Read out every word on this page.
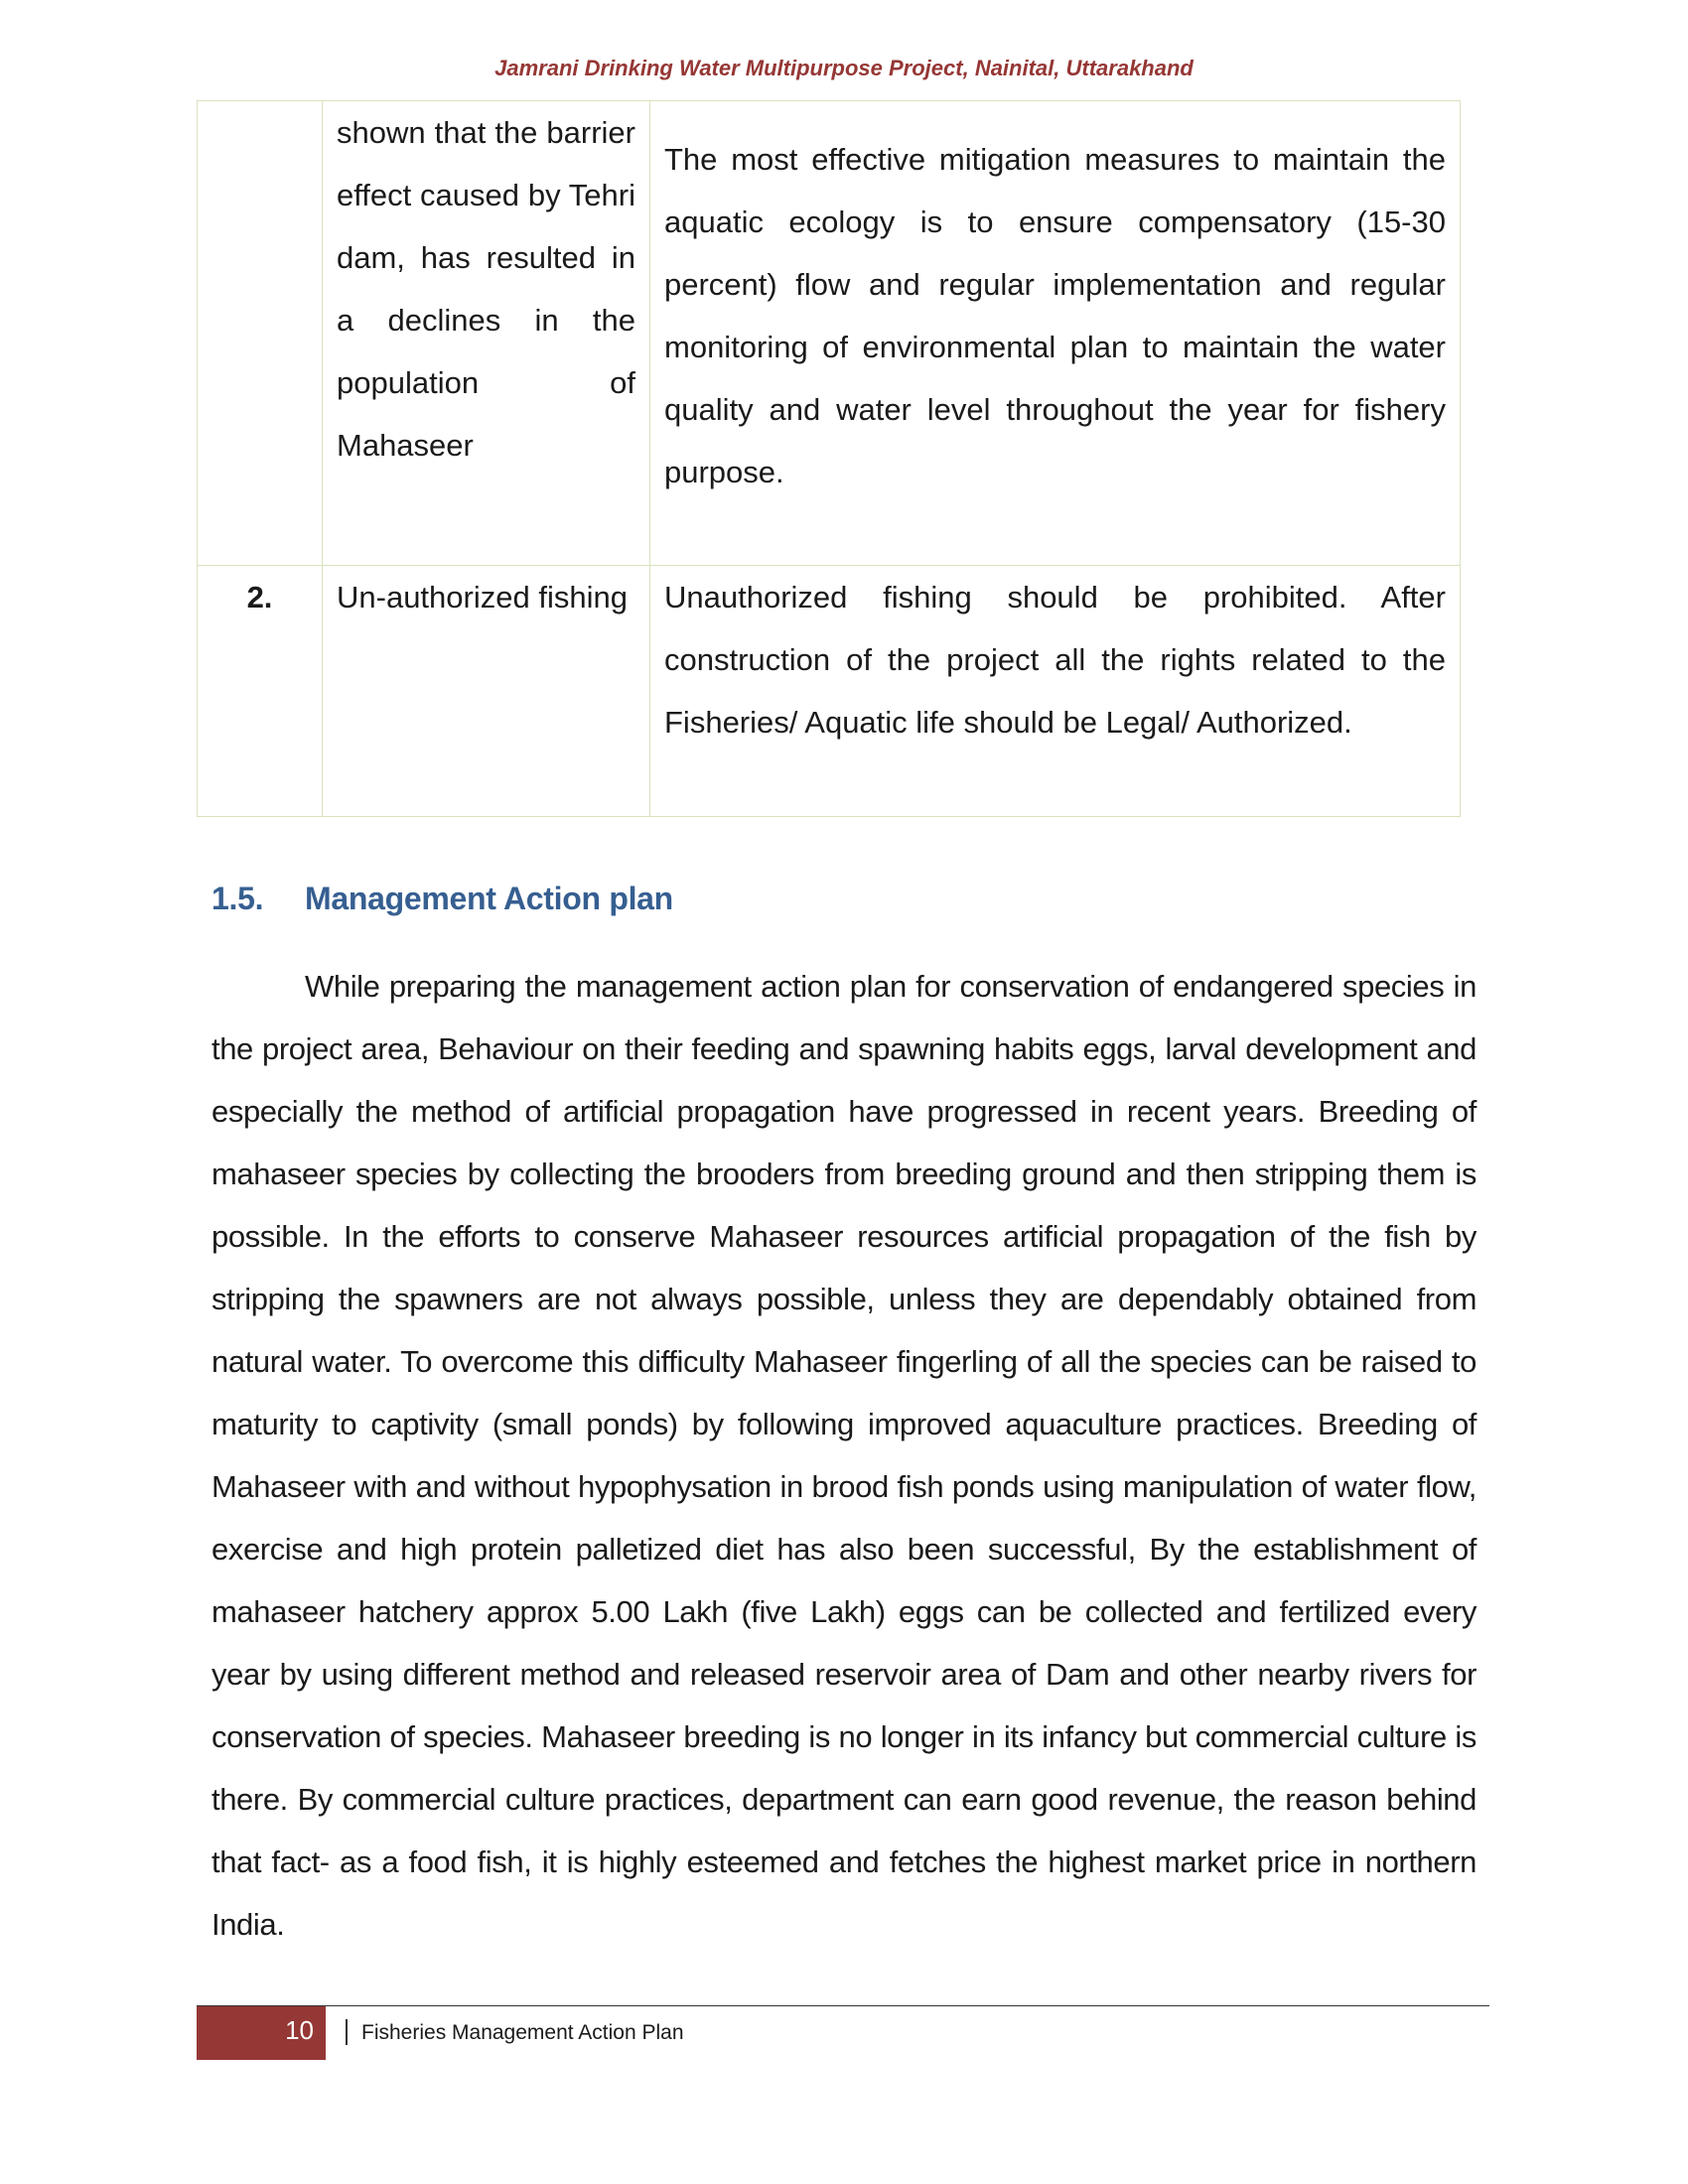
Jamrani Drinking Water Multipurpose Project, Nainital, Uttarakhand
	shown that the barrier effect caused by Tehri dam, has resulted in a declines in the population of Mahaseer	The most effective mitigation measures to maintain the aquatic ecology is to ensure compensatory (15-30 percent) flow and regular implementation and regular monitoring of environmental plan to maintain the water quality and water level throughout the year for fishery purpose.
2.	Un-authorized fishing	Unauthorized fishing should be prohibited. After construction of the project all the rights related to the Fisheries/ Aquatic life should be Legal/ Authorized.
1.5. Management Action plan

While preparing the management action plan for conservation of endangered species in the project area, Behaviour on their feeding and spawning habits eggs, larval development and especially the method of artificial propagation have progressed in recent years. Breeding of mahaseer species by collecting the brooders from breeding ground and then stripping them is possible. In the efforts to conserve Mahaseer resources artificial propagation of the fish by stripping the spawners are not always possible, unless they are dependably obtained from natural water. To overcome this difficulty Mahaseer fingerling of all the species can be raised to maturity to captivity (small ponds) by following improved aquaculture practices. Breeding of Mahaseer with and without hypophysation in brood fish ponds using manipulation of water flow, exercise and high protein palletized diet has also been successful, By the establishment of mahaseer hatchery approx 5.00 Lakh (five Lakh) eggs can be collected and fertilized every year by using different method and released reservoir area of Dam and other nearby rivers for conservation of species. Mahaseer breeding is no longer in its infancy but commercial culture is there. By commercial culture practices, department can earn good revenue, the reason behind that fact- as a food fish, it is highly esteemed and fetches the highest market price in northern India.

10 Fisheries Management Action Plan
